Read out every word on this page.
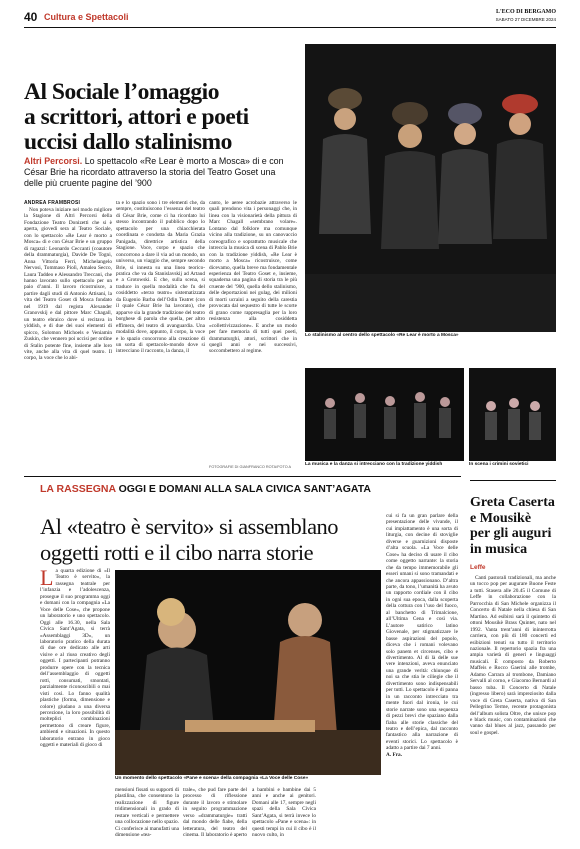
40 Cultura e Spettacoli	L'ECO DI BERGAMO
SABATO 27 DICEMBRE 2024
Al Sociale l’omaggio
a scrittori, attori e poeti
uccisi dallo stalinismo
Altri Percorsi. Lo spettacolo «Re Lear è morto a Mosca» di e con César Brie ha ricordato attraverso la storia del Teatro Goset una delle più cruente pagine del ’900
ANDREA FRAMBROSI

Non poteva iniziare nel modo migliore la Stagione di Altri Percorsi della Fondazione Teatro Donizetti che si è aperta, giovedì sera al Teatro Sociale, con lo spettacolo «Re Lear è morto a Mosca» di e con César Brie e un gruppo di ragazzi: Leonardo Ceccanti (coautore della drammaturgia), Davide De Togni, Anna Vittoria Ferri, Michelangelo Nervosi, Tommaso Piolì, Amalea Secco, Laura Taddeo e Alessandro Treccani, che hanno lavorato sullo spettacolo per un paio d’anni. Il lavoro ricostruisce, a partire dagli studi di Antonio Attisani, la vita del Teatro Goset di Mosca fondato nel 1919 dal regista Alexander Granovskij e dal pittore Marc Chagall, un teatro ebraico dove si recitava in yiddish, e di due dei suoi elementi di spicco, Solomon Michoels e Veniamin Zuskin, che vennero poi uccisi per ordine di Stalin potente fine, insieme alle loro vite, anche alla vita di quel teatro. Il corpo, la voce che lo abi-

ta e lo spazio sono i tre elementi che, da sempre, costituiscono l’essenza del teatro di César Brie, come ci ha ricordato lui stesso incontrando il pubblico dopo lo spettacolo per una chiacchierata coordinata e condotta da Maria Grazia Panigada, direttrice artistica della Stagione. Voce, corpo e spazio che concorrono a dare il via ad un mondo, un universo, un viaggio che, sempre secondo Brie, si innesta su una linea teorico-pratica che va da Stanislavskij ad Artaud e a Grotowski. E che, sulla scena, si traduce in quella modalità che fu del cosiddetto «terzo teatro» sistematizzata da Eugenio Barba dell’Odin Teatret (con il quale César Brie ha lavorato), che apparve sia la grande tradizione del teatro borghese di parola che quella, per altro effimera, del teatro di avanguardia. Una modalità dove, appunto, il corpo, la voce e lo spazio concorrono alla creazione di un sorta di spettacolo-mondo dove si intrecciano il racconto, la danza, il

canto, le aeree acrobazie attraverso le quali prendono vita i personaggi che, in linea con la visionarietà della pittura di Marc Chagall «sembrano volare». Lontano dal folklore ma comunque vicino alla tradizione, su un canovaccio coreografico e soprattutto musicale che intreccia la musica di scena di Pablo Brie con la tradizione yiddish, «Re Lear è morto a Mosca» ricostruisce, come dicevamo, quella breve ma fondamentale esperienza del Teatro Goset e, insieme, squaderna una pagina di storia tra le più cruente del ’900, quella dello stalinismo, delle deportazioni nei gulag, dei milioni di morti ucraini a seguito della carestia provocata dal sequestro di tutte le scorte di grano come rappresaglia per la loro resistenza alla cosiddetta «collettivizzazione». E anche un modo per fare memoria di tutti quei poeti, drammaturghi, attori, scrittori che in quegli anni e nei successivi, soccombettero al regime.

Lo stalinismo al centro dello spettacolo «Re Lear è morto a Mosca»
La musica e la danza si intrecciano con la tradizione yiddish	In scena i crimini sovietici
FOTOGRAFIE DI GIANFRANCO ROTA/FOTO A
LA RASSEGNA OGGI E DOMANI ALLA SALA CIVICA SANT’AGATA
Al «teatro è servito» si assemblano
oggetti rotti e il cibo narra storie
L a quarta edizione di «Il Teatro è servito», la rassegna teatrale per l’infanzia e l’adolescenza, prosegue il suo programma oggi e domani con la compagnia «La Voce delle Cose», che propone un laboratorio e uno spettacolo. Oggi alle 16.30, nella Sala Civica Sant’Agata, si terrà «Assemblaggi 3D», un laboratorio pratico della durata di due ore dedicato alle arti visive e al riuso creativo degli oggetti. I partecipanti potranno produrre opere con la tecnica dell’assemblaggio di oggetti rotti, consumati, smontati, parzialmente riconoscibili o mai visti così. Lo fanno qualità plastiche (forma, dimensione e colore) giudano a una diversa percezione, la loro possibilità di molteplici combinazioni permettono di creare figure, ambienti e situazioni. In questo laboratorio entrano in gioco oggetti e materiali di gioco di

Un momento dello spettacolo «Pane e scena» della compagnia «La Voce delle Cose»

mensioni fissati su supporti di plastilina, che consentono la realizzazione di figure tridimensionali in grado di restare verticali e permettere una collocazione nello spazio. Ci conferisce ai manufatti una dimensione «tea-

trale», che pud fare parte del processo di riflessione durante il lavoro e stimolare in seguito programmazione verso «drammaturgie» tratti dal mondo delle fiabe, della letteratura, del teatro del cinema. Il laboratorio è aperto

a bambini e bambine dai 5 anni e anche ai genitori. Domani alle 17, sempre negli spazi della Sala Civica Sant’Agata, si terrà invece lo spettacolo «Pane e scena»: in questi tempi in cui il cibo è il nuovo culto, in

cui si fa un gran parlare della presentazione delle vivande, il cui impiattamento è una sorta di liturgia, con decine di stoviglie diverse e guarnizioni disposte d’alta scuola. «La Voce delle Cose» ha deciso di usare il cibo come oggetto narrante: la storia che da tempo immemorabile gli esseri umani si sono tramandati e che ancora appassionano. D’altra parte, da tono, l’umanità ha avuto un rapporto cordiale con il cibo in ogni sua epoca, dalla scoperta della cottura con l’uso del fuoco, al banchetto di Trimalcione, all’Ultima Cena e così via. L’autore satirico latino Giovenale, per stigmatizzare le basse aspirazioni del popolo, diceva che i romani volevano solo panem et circenses, cibo e divertimento. Al di là delle sue vere intenzioni, aveva enunciato una grande verità: chiunque di noi sa che stia le ciliegie che il divertimento sono indispensabili per tutti. Lo spettacolo è di panna in un racconto intrecciato tra mente fuori dal ironia, le cui storie narrate sono una sequenza di pezzi brevi che spaziano dalla fiaba alle storie classiche del teatro e dell’epica, dal racconto fantastico alla narrazione di eventi storici. Lo spettacolo è adatto a partire dai 7 anni.

A. Fra.

Greta Caserta
e Mousikè
per gli auguri
in musica
Leffe

Canti pastorali tradizionali, ma anche un tocco pop per augurare Buone Feste a tutti. Stasera alle 20.45 il Comune di Leffe in collaborazione con la Parrocchia di San Michele organizza il Concerto di Natale nella chiesa di San Martino. Ad esibirsi sarà il quintetto di ottoni Mousikè Brass Quintet, nato nel 1992. Vanta trent’anni di ininterrotta carriera, con più di 180 concerti ed esibizioni tenuti su tutto il territorio nazionale. Il repertorio spazia fra una ampia varietà di generi e linguaggi musicali. È composto da Roberto Maffeis e Rocco Gaerini alle trombe, Adamo Carrara al trombone, Damiano Servalli al corno, e Giacomo Bernardi al basso tuba. Il Concerto di Natale (ingresso libero) sarà impreziosito dalla voce di Greta Caserta, nativa di San Pellegrino Terme, recente protagonista dell’album solista Oltre, che unisce pop e black music, con contaminazioni che vanno dal blues al jazz, passando per soul e gospel.
